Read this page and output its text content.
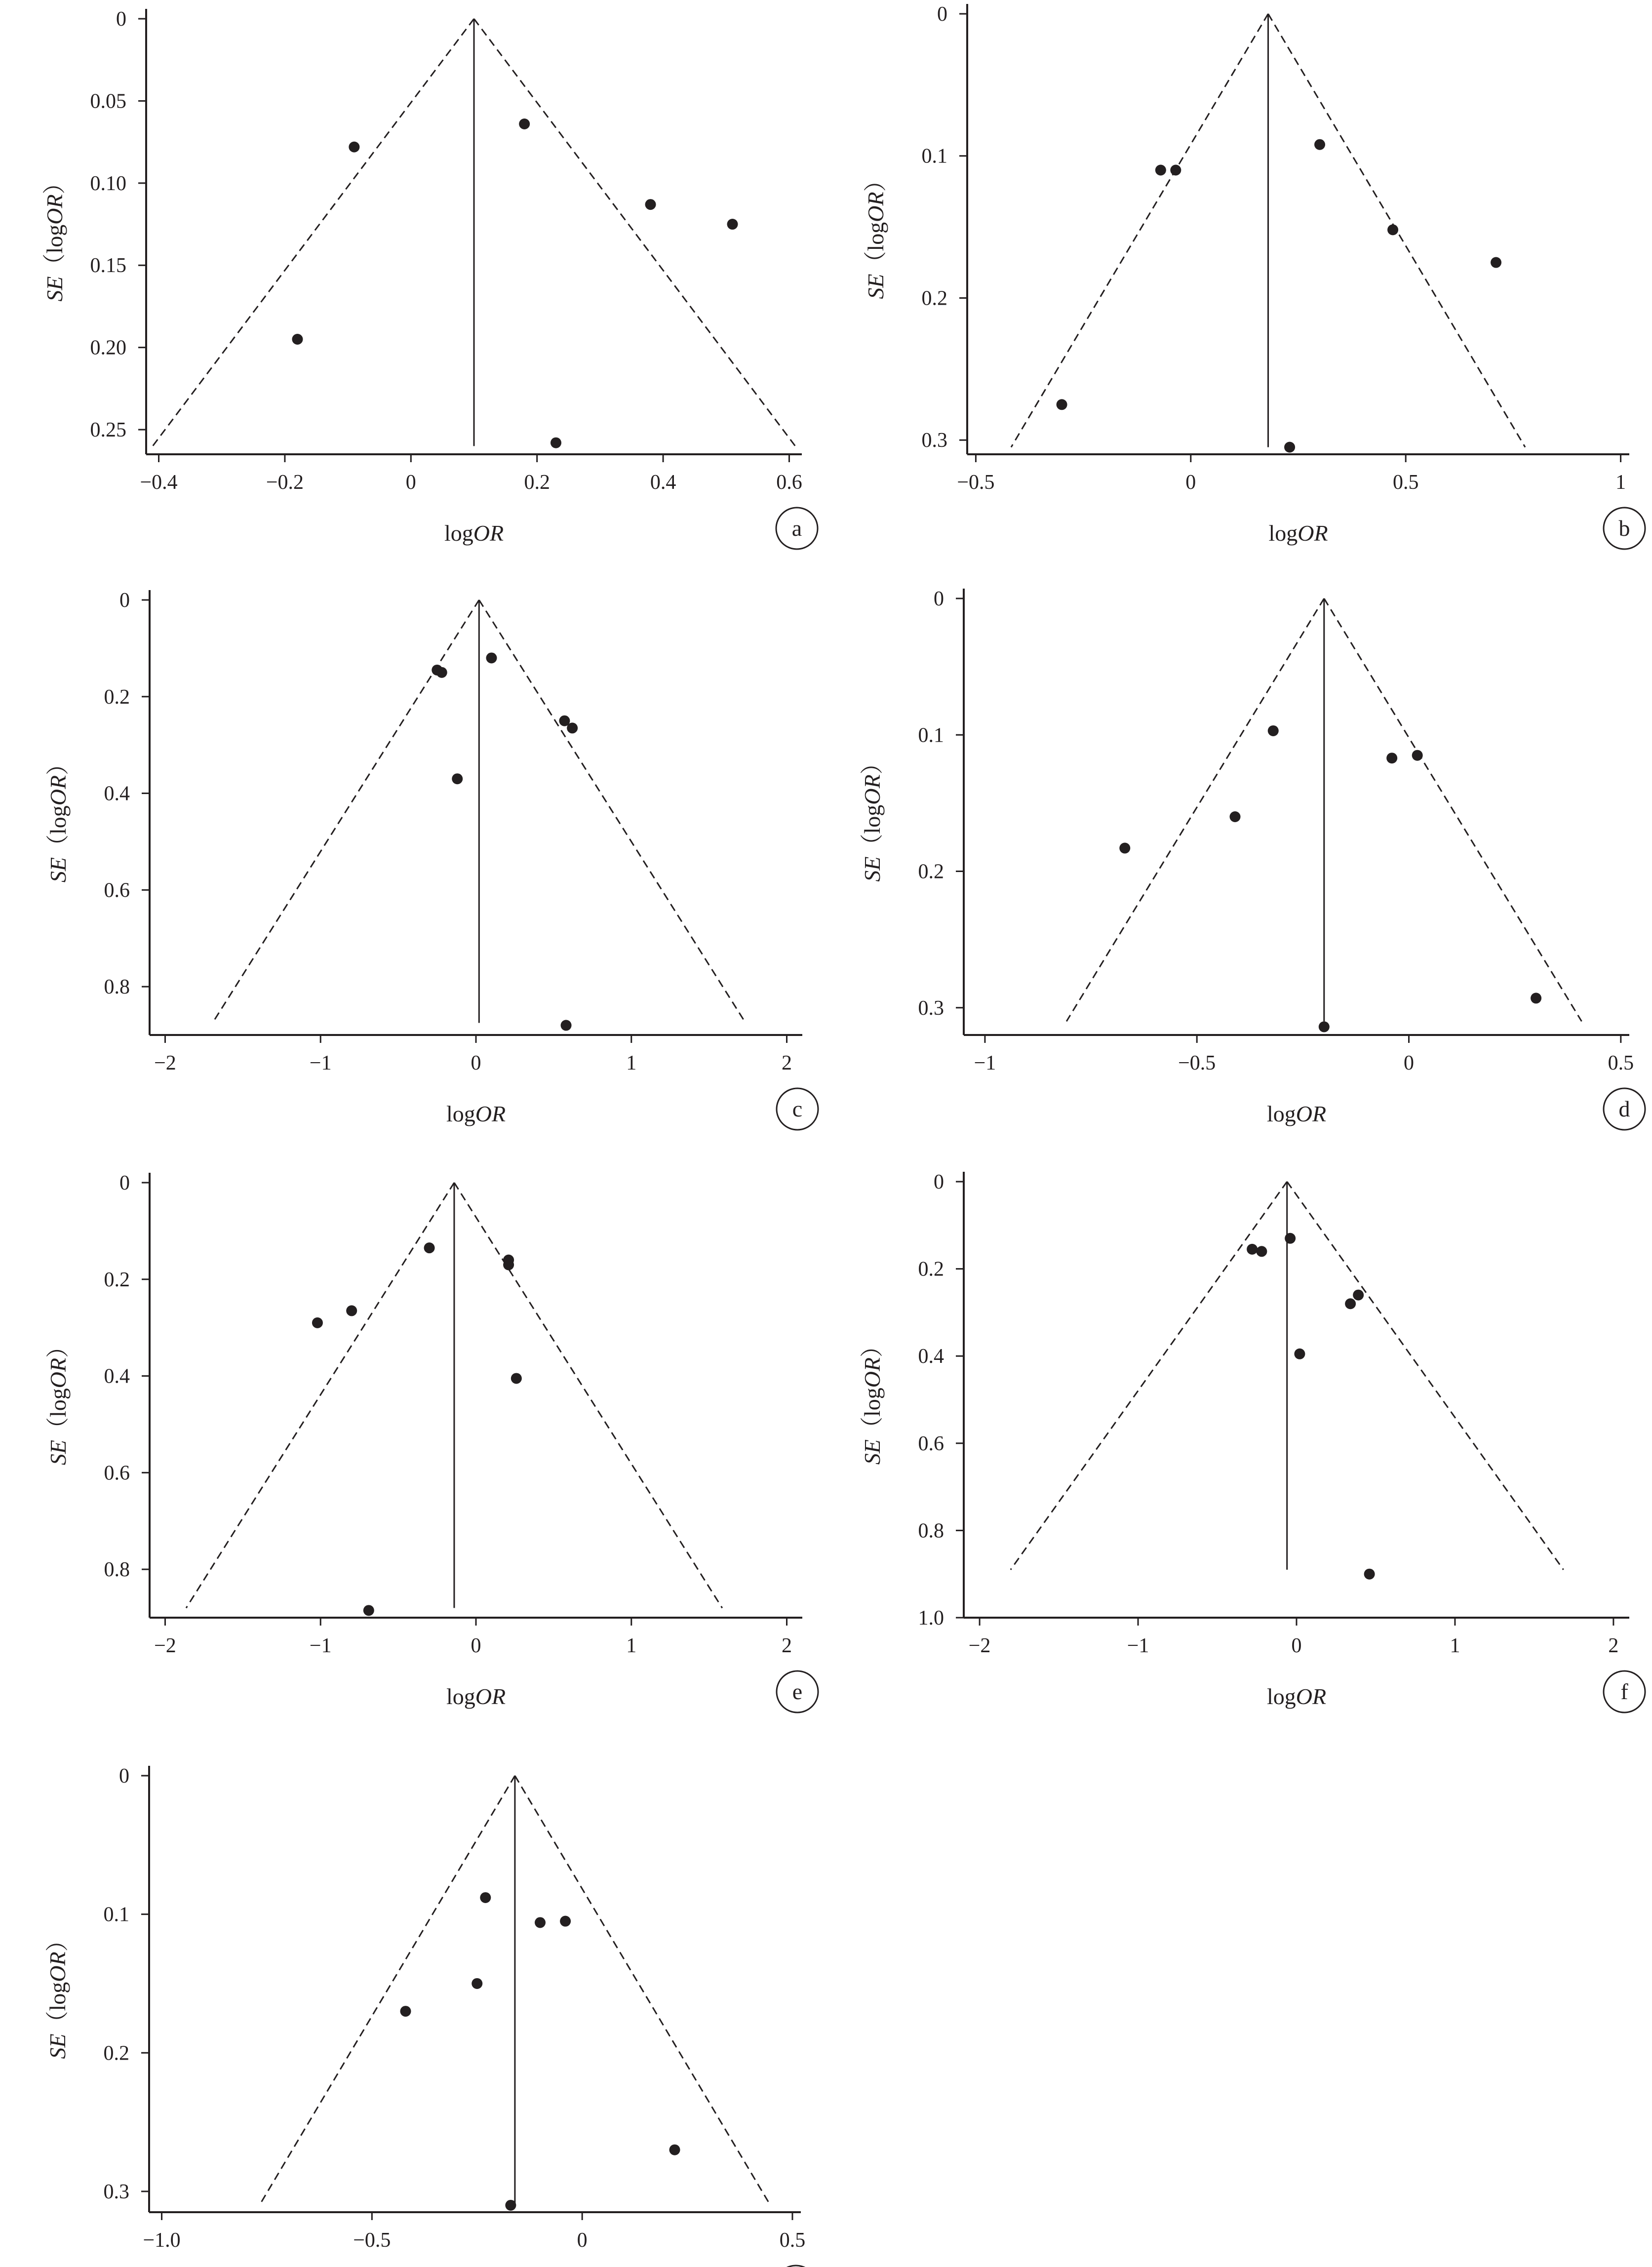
0
0.05
0.10
0.15
0.20
0.25
−0.4	−0.2	0	0.2	0.4	0.6
logOR
SE（logOR）
a
0
0.1
0.2
0.3
−0.5	0	0.5	1
logOR
SE（logOR）
b
0
0.2
0.4
0.6
0.8
−2	−1	0	1	2
logOR
SE（logOR）
c
0
0.1
0.2
0.3
−1	−0.5	0	0.5
logOR
SE（logOR）
d
0
0.2
0.4
0.6
0.8
−2	−1	0	1	2
logOR
SE（logOR）
e
0
0.2
0.4
0.6
0.8
1.0
−2	−1	0	1	2
logOR
SE（logOR）
f
0
0.1
0.2
0.3
−1.0	−0.5	0	0.5
SE（logOR）
